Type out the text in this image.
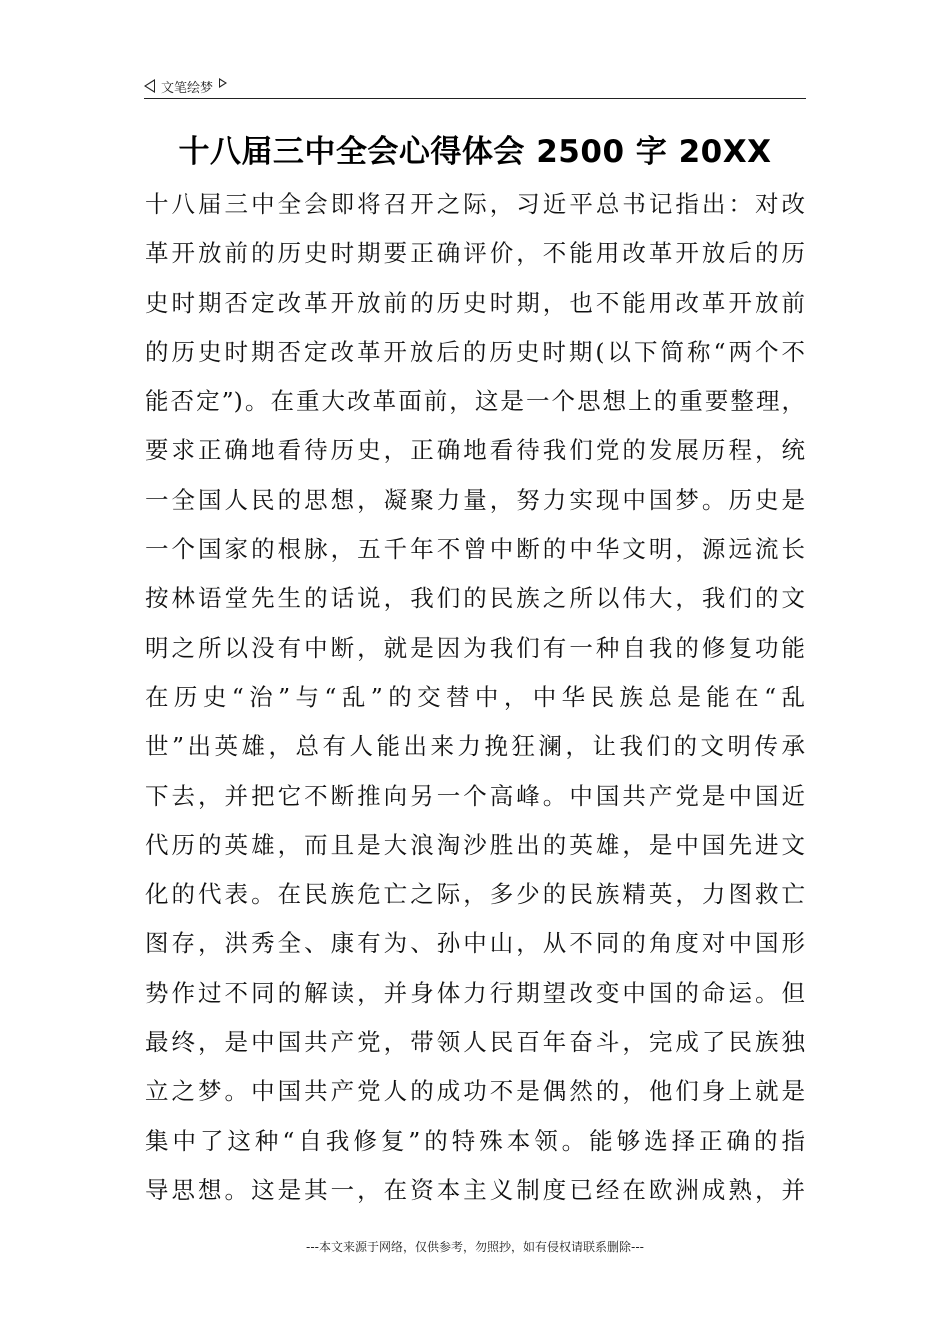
文笔绘梦
十八届三中全会心得体会 2500 字 20XX
十八届三中全会即将召开之际，习近平总书记指出：对改
革开放前的历史时期要正确评价，不能用改革开放后的历
史时期否定改革开放前的历史时期，也不能用改革开放前
的历史时期否定改革开放后的历史时期(以下简称“两个不
能否定”)。在重大改革面前，这是一个思想上的重要整理，
要求正确地看待历史，正确地看待我们党的发展历程，统
一全国人民的思想，凝聚力量，努力实现中国梦。历史是
一个国家的根脉，五千年不曾中断的中华文明，源远流长
按林语堂先生的话说，我们的民族之所以伟大，我们的文
明之所以没有中断，就是因为我们有一种自我的修复功能
在历史“治”与“乱”的交替中，中华民族总是能在“乱
世”出英雄，总有人能出来力挽狂澜，让我们的文明传承
下去，并把它不断推向另一个高峰。中国共产党是中国近
代历的英雄，而且是大浪淘沙胜出的英雄，是中国先进文
化的代表。在民族危亡之际，多少的民族精英，力图救亡
图存，洪秀全、康有为、孙中山，从不同的角度对中国形
势作过不同的解读，并身体力行期望改变中国的命运。但
最终，是中国共产党，带领人民百年奋斗，完成了民族独
立之梦。中国共产党人的成功不是偶然的，他们身上就是
集中了这种“自我修复”的特殊本领。能够选择正确的指
导思想。这是其一，在资本主义制度已经在欧洲成熟，并
---本文来源于网络，仅供参考，勿照抄，如有侵权请联系删除---
